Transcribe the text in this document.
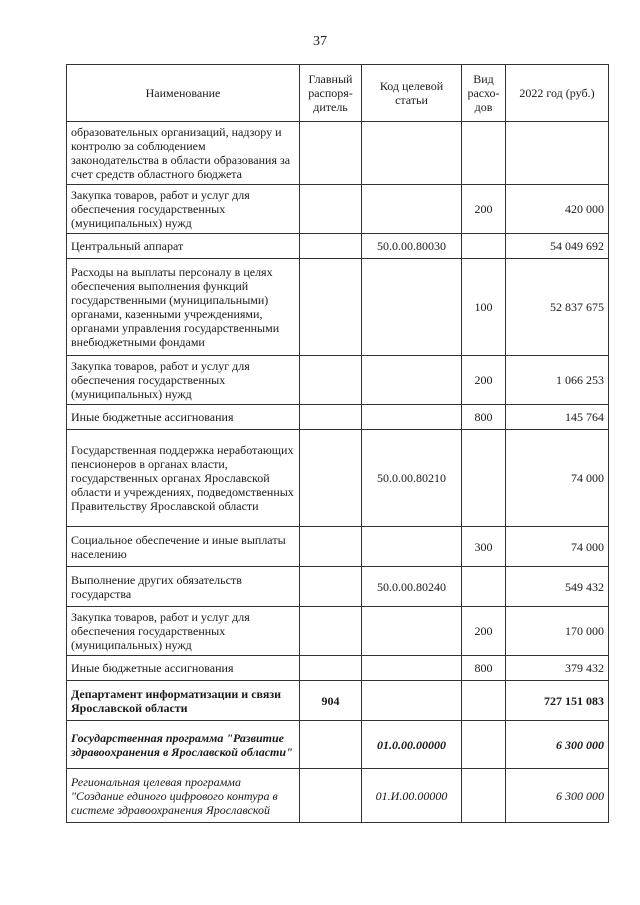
37
Наименование	Главный распоря- дитель	Код целевой статьи	Вид расхо- дов	2022 год (руб.)
образовательных организаций, надзору и контролю за соблюдением законодательства в области образования за счет средств областного бюджета				
Закупка товаров, работ и услуг для обеспечения государственных (муниципальных) нужд			200	420 000
Центральный аппарат		50.0.00.80030		54 049 692
Расходы на выплаты персоналу в целях обеспечения выполнения функций государственными (муниципальными) органами, казенными учреждениями, органами управления государственными внебюджетными фондами			100	52 837 675
Закупка товаров, работ и услуг для обеспечения государственных (муниципальных) нужд			200	1 066 253
Иные бюджетные ассигнования			800	145 764
Государственная поддержка неработающих пенсионеров в органах власти, государственных органах Ярославской области и учреждениях, подведомственных Правительству Ярославской области		50.0.00.80210		74 000
Социальное обеспечение и иные выплаты населению			300	74 000
Выполнение других обязательств государства		50.0.00.80240		549 432
Закупка товаров, работ и услуг для обеспечения государственных (муниципальных) нужд			200	170 000
Иные бюджетные ассигнования			800	379 432
Департамент информатизации и связи Ярославской области	904			727 151 083
Государственная программа "Развитие здравоохранения в Ярославской области"		01.0.00.00000		6 300 000
Региональная целевая программа "Создание единого цифрового контура в системе здравоохранения Ярославской		01.И.00.00000		6 300 000
